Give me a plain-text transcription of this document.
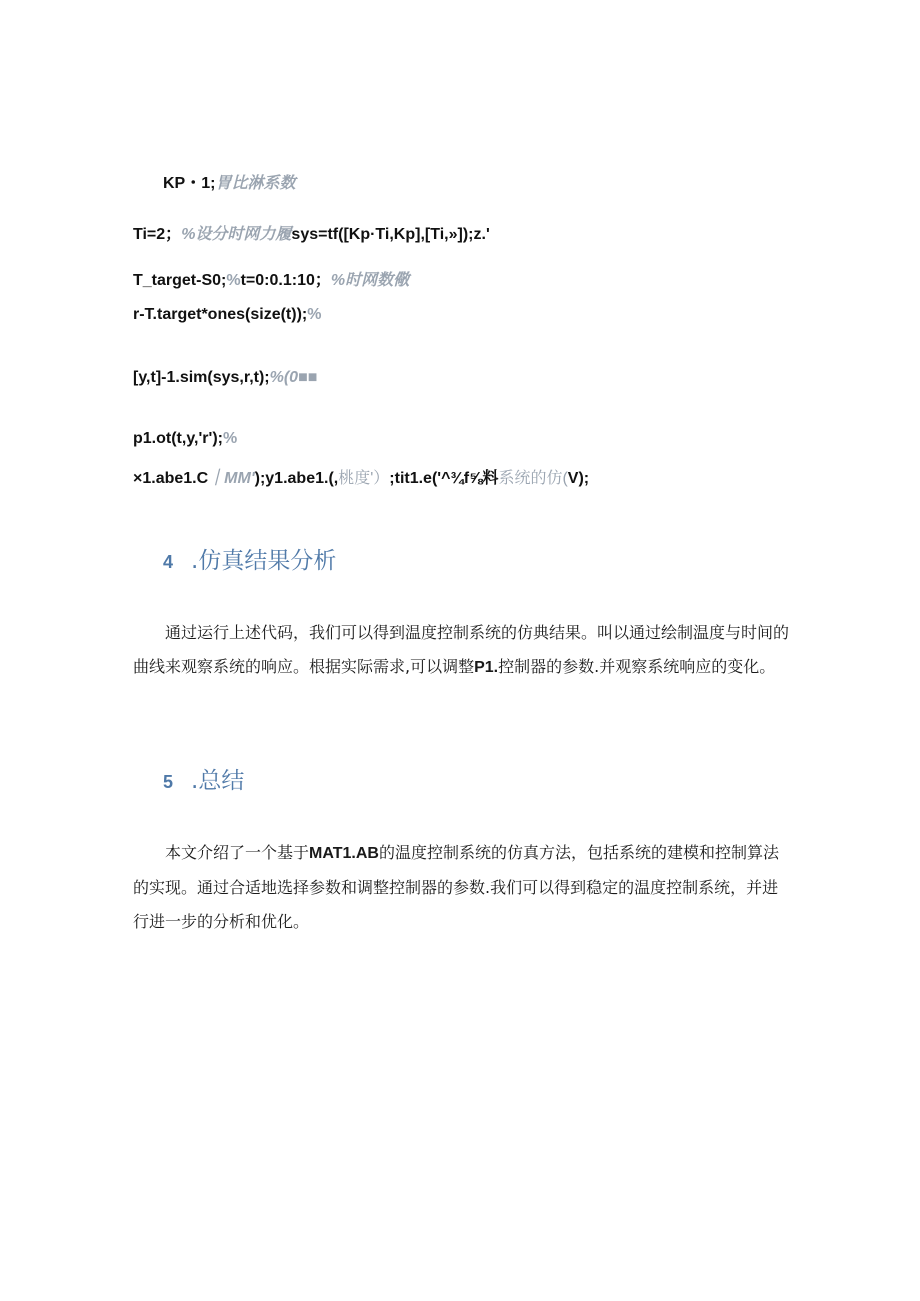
KP・1;胃比淋系数
Ti=2；%设分时网力履sys=tf([Kp·Ti,Kp],[Ti,»]);z.'
T_target-S0;%t=0:0.1:10；%时网数儆
r-T.target*ones(size(t));%
[y,t]-1.sim(sys,r,t);%(0■■
p1.ot(t,y,'r');%
×1.abe1.C｜MM');y1.abe1.(,桃度'）;tit1.e('^¾f⅝料系统的仿(V);
4 .仿真结果分析
通过运行上述代码，我们可以得到温度控制系统的仿典结果。叫以通过绘制温度与时间的曲线来观察系统的响应。根据实际需求,可以调整P1.控制器的参数.并观察系统响应的变化。
5 .总结
本文介绍了一个基于MAT1.AB的温度控制系统的仿真方法，包括系统的建模和控制算法的实现。通过合适地选择参数和调整控制器的参数.我们可以得到稳定的温度控制系统，并进行进一步的分析和优化。
